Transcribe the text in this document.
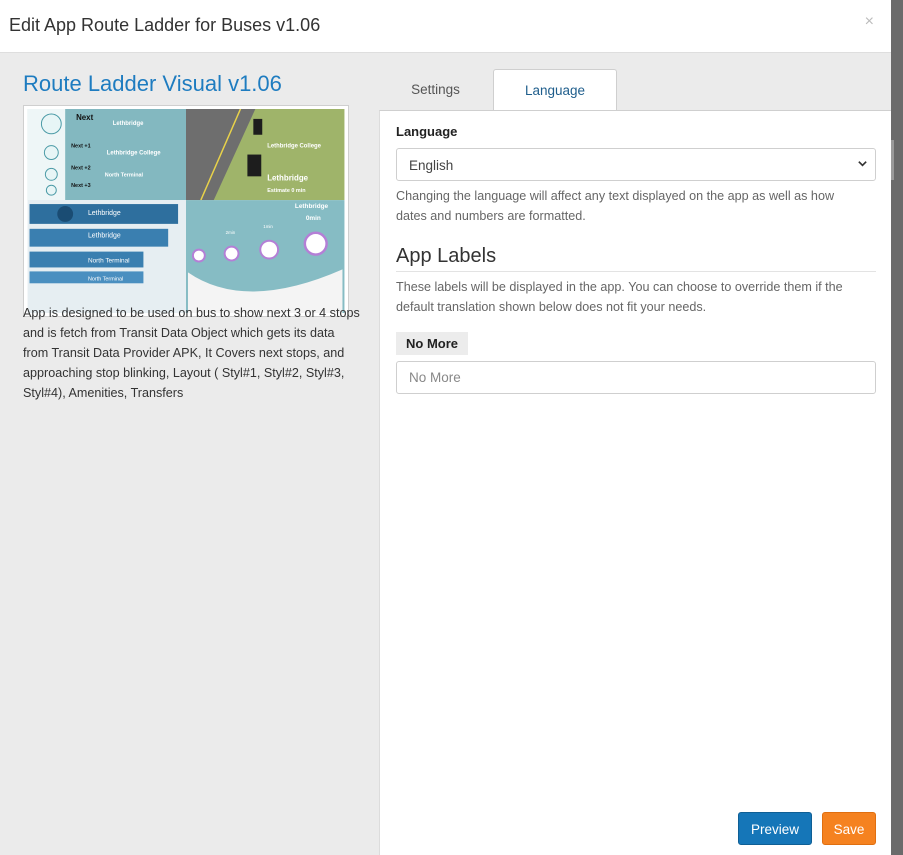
Edit App Route Ladder for Buses v1.06	×
Route Ladder Visual v1.06
Next
Next +1
Next +2
Next +3
Lethbridge
Lethbridge College
North Terminal
Lethbridge College
Lethbridge
Estimate 0 min
Lethbridge
Lethbridge
North Terminal
North Terminal
2min
1min
0min
Lethbridge
App is designed to be used on bus to show next 3 or 4 stops and is fetch from Transit Data Object which gets its data from Transit Data Provider APK, It Covers next stops, and approaching stop blinking, Layout ( Styl#1, Styl#2, Styl#3, Styl#4), Amenities, Transfers
Settings	Language
Language
English
Changing the language will affect any text displayed on the app as well as how dates and numbers are formatted.
App Labels
These labels will be displayed in the app. You can choose to override them if the default translation shown below does not fit your needs.
No More
No More
Preview	Save
